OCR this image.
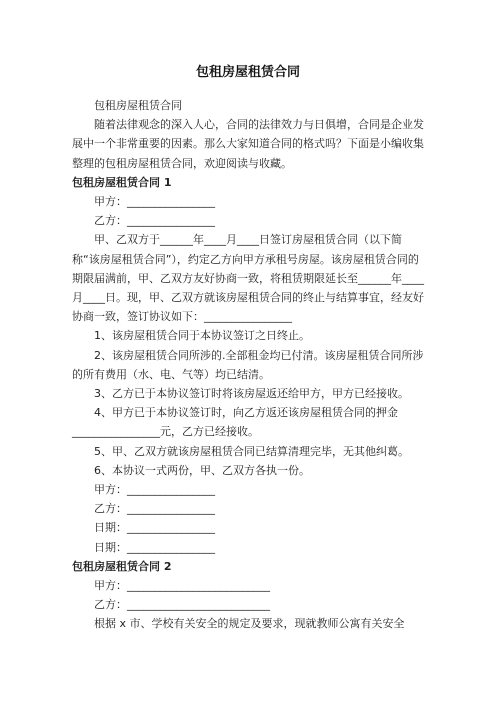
包租房屋租赁合同

包租房屋租赁合同

随着法律观念的深入人心，合同的法律效力与日俱增，合同是企业发展中一个非常重要的因素。那么大家知道合同的格式吗？下面是小编收集整理的包租房屋租赁合同，欢迎阅读与收藏。

包租房屋租赁合同 1

甲方：________________

乙方：________________

甲、乙双方于______年____月____日签订房屋租赁合同（以下简称“该房屋租赁合同”），约定乙方向甲方承租号房屋。该房屋租赁合同的期限届满前，甲、乙双方友好协商一致，将租赁期限延长至______年____月____日。现，甲、乙双方就该房屋租赁合同的终止与结算事宜，经友好协商一致，签订协议如下：________________

1、该房屋租赁合同于本协议签订之日终止。

2、该房屋租赁合同所涉的.全部租金均已付清。该房屋租赁合同所涉的所有费用（水、电、气等）均已结清。

3、乙方已于本协议签订时将该房屋返还给甲方，甲方已经接收。

4、甲方已于本协议签订时，向乙方返还该房屋租赁合同的押金________________元，乙方已经接收。

5、甲、乙双方就该房屋租赁合同已结算清理完毕，无其他纠葛。

6、本协议一式两份，甲、乙双方各执一份。

甲方：________________

乙方：________________

日期：________________

日期：________________

包租房屋租赁合同 2

甲方：__________________________

乙方：__________________________

根据 x 市、学校有关安全的规定及要求，现就教师公寓有关安全
